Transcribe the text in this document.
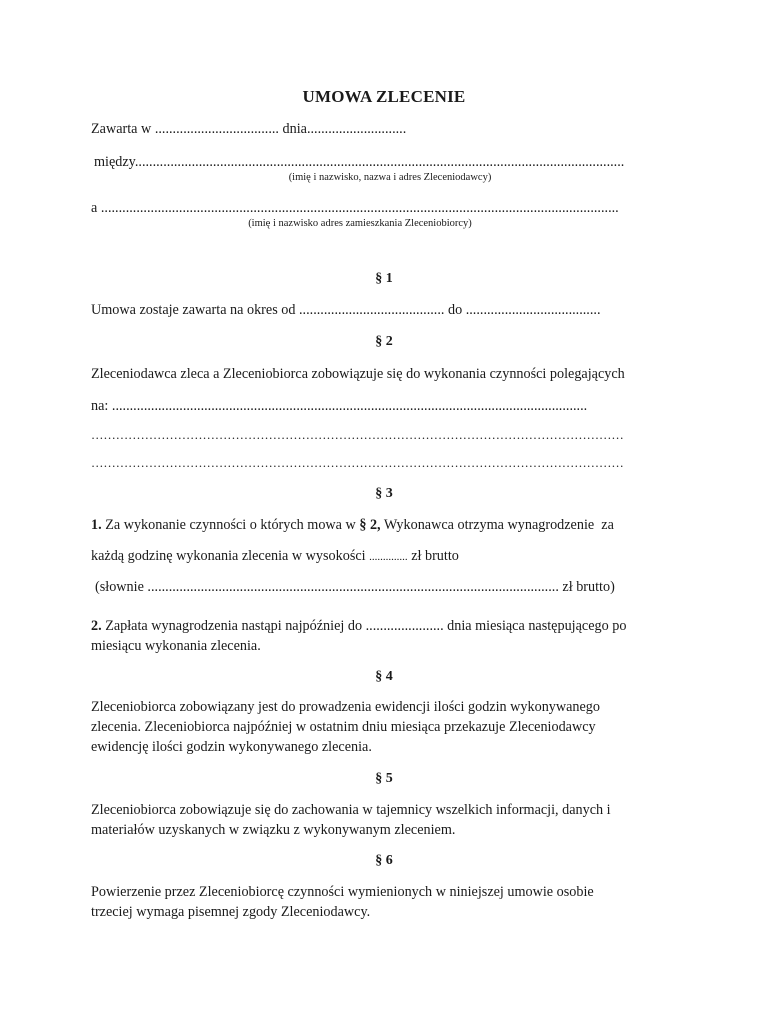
UMOWA ZLECENIE
Zawarta w ................................... dnia............................
między..........................................................................................................................................
(imię i nazwisko, nazwa i adres Zleceniodawcy)
a ..................................................................................................................................................
(imię i nazwisko adres zamieszkania Zleceniobiorcy)
§ 1
Umowa zostaje zawarta na okres od ......................................... do ......................................
§ 2
Zleceniodawca zleca a Zleceniobiorca zobowiązuje się do wykonania czynności polegających
na: ......................................................................................................................................
…………………………………………………………………………………………………………………
…………………………………………………………………………………………………………………
§ 3
1. Za wykonanie czynności o których mowa w § 2, Wykonawca otrzyma wynagrodzenie  za
każdą godzinę wykonania zlecenia w wysokości .............. zł brutto
(słownie .................................................................................................................... zł brutto)
2. Zapłata wynagrodzenia nastąpi najpóźniej do ...................... dnia miesiąca następującego po
miesiącu wykonania zlecenia.
§ 4
Zleceniobiorca zobowiązany jest do prowadzenia ewidencji ilości godzin wykonywanego
zlecenia. Zleceniobiorca najpóźniej w ostatnim dniu miesiąca przekazuje Zleceniodawcy
ewidencję ilości godzin wykonywanego zlecenia.
§ 5
Zleceniobiorca zobowiązuje się do zachowania w tajemnicy wszelkich informacji, danych i
materiałów uzyskanych w związku z wykonywanym zleceniem.
§ 6
Powierzenie przez Zleceniobiorcę czynności wymienionych w niniejszej umowie osobie
trzeciej wymaga pisemnej zgody Zleceniodawcy.
